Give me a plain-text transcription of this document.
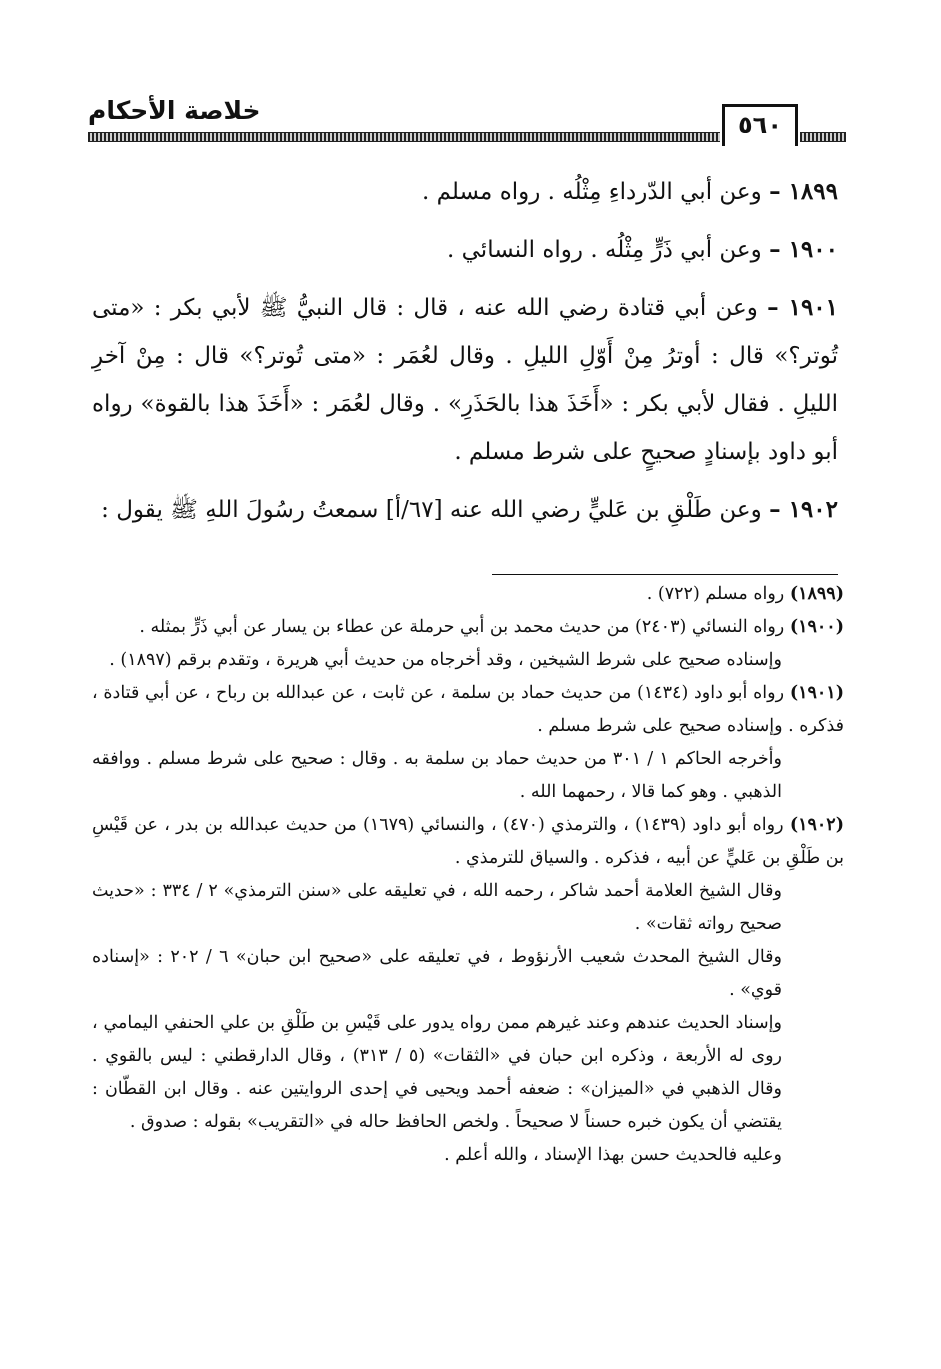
خلاصة الأحكام	٥٦٠

١٨٩٩ – وعن أبي الدّرداءِ مِثْلُه . رواه مسلم .

١٩٠٠ – وعن أبي ذَرٍّ مِثْلُه . رواه النسائي .

١٩٠١ – وعن أبي قتادة رضي الله عنه ، قال : قال النبيُّ ﷺ لأبي بكر : «متى تُوتر؟» قال : أوترُ مِنْ أَوّلِ الليلِ . وقال لعُمَر : «متى تُوتر؟» قال : مِنْ آخرِ الليلِ . فقال لأبي بكر : «أَخَذَ هذا بالحَذَرِ» . وقال لعُمَر : «أَخَذَ هذا بالقوة» رواه أبو داود بإسنادٍ صحيحٍ على شرط مسلم .

١٩٠٢ – وعن طَلْقِ بن عَليٍّ رضي الله عنه [٦٧/أ] سمعتُ رسُولَ اللهِ ﷺ يقول :

(١٨٩٩) رواه مسلم (٧٢٢) .

(١٩٠٠) رواه النسائي (٢٤٠٣) من حديث محمد بن أبي حرملة عن عطاء بن يسار عن أبي ذَرٍّ بمثله .
وإسناده صحيح على شرط الشيخين ، وقد أخرجاه من حديث أبي هريرة ، وتقدم برقم (١٨٩٧) .

(١٩٠١) رواه أبو داود (١٤٣٤) من حديث حماد بن سلمة ، عن ثابت ، عن عبدالله بن رباح ، عن أبي قتادة ، فذكره . وإسناده صحيح على شرط مسلم .
وأخرجه الحاكم ١ / ٣٠١ من حديث حماد بن سلمة به . وقال : صحيح على شرط مسلم . ووافقه الذهبي . وهو كما قالا ، رحمهما الله .

(١٩٠٢) رواه أبو داود (١٤٣٩) ، والترمذي (٤٧٠) ، والنسائي (١٦٧٩) من حديث عبدالله بن بدر ، عن قَيْسِ بن طَلْقِ بن عَليٍّ عن أبيه ، فذكره . والسياق للترمذي .
وقال الشيخ العلامة أحمد شاكر ، رحمه الله ، في تعليقه على «سنن الترمذي» ٢ / ٣٣٤ : «حديث صحيح رواته ثقات» .
وقال الشيخ المحدث شعيب الأرنؤوط ، في تعليقه على «صحيح ابن حبان» ٦ / ٢٠٢ : «إسناده قوي» .
وإسناد الحديث عندهم وعند غيرهم ممن رواه يدور على قَيْسِ بن طَلْقِ بن علي الحنفي اليمامي ، روى له الأربعة ، وذكره ابن حبان في «الثقات» (٥ / ٣١٣) ، وقال الدارقطني : ليس بالقوي . وقال الذهبي في «الميزان» : ضعفه أحمد ويحيى في إحدى الروايتين عنه . وقال ابن القطّان : يقتضي أن يكون خبره حسناً لا صحيحاً . ولخص الحافظ حاله في «التقريب» بقوله : صدوق .
وعليه فالحديث حسن بهذا الإسناد ، والله أعلم .
